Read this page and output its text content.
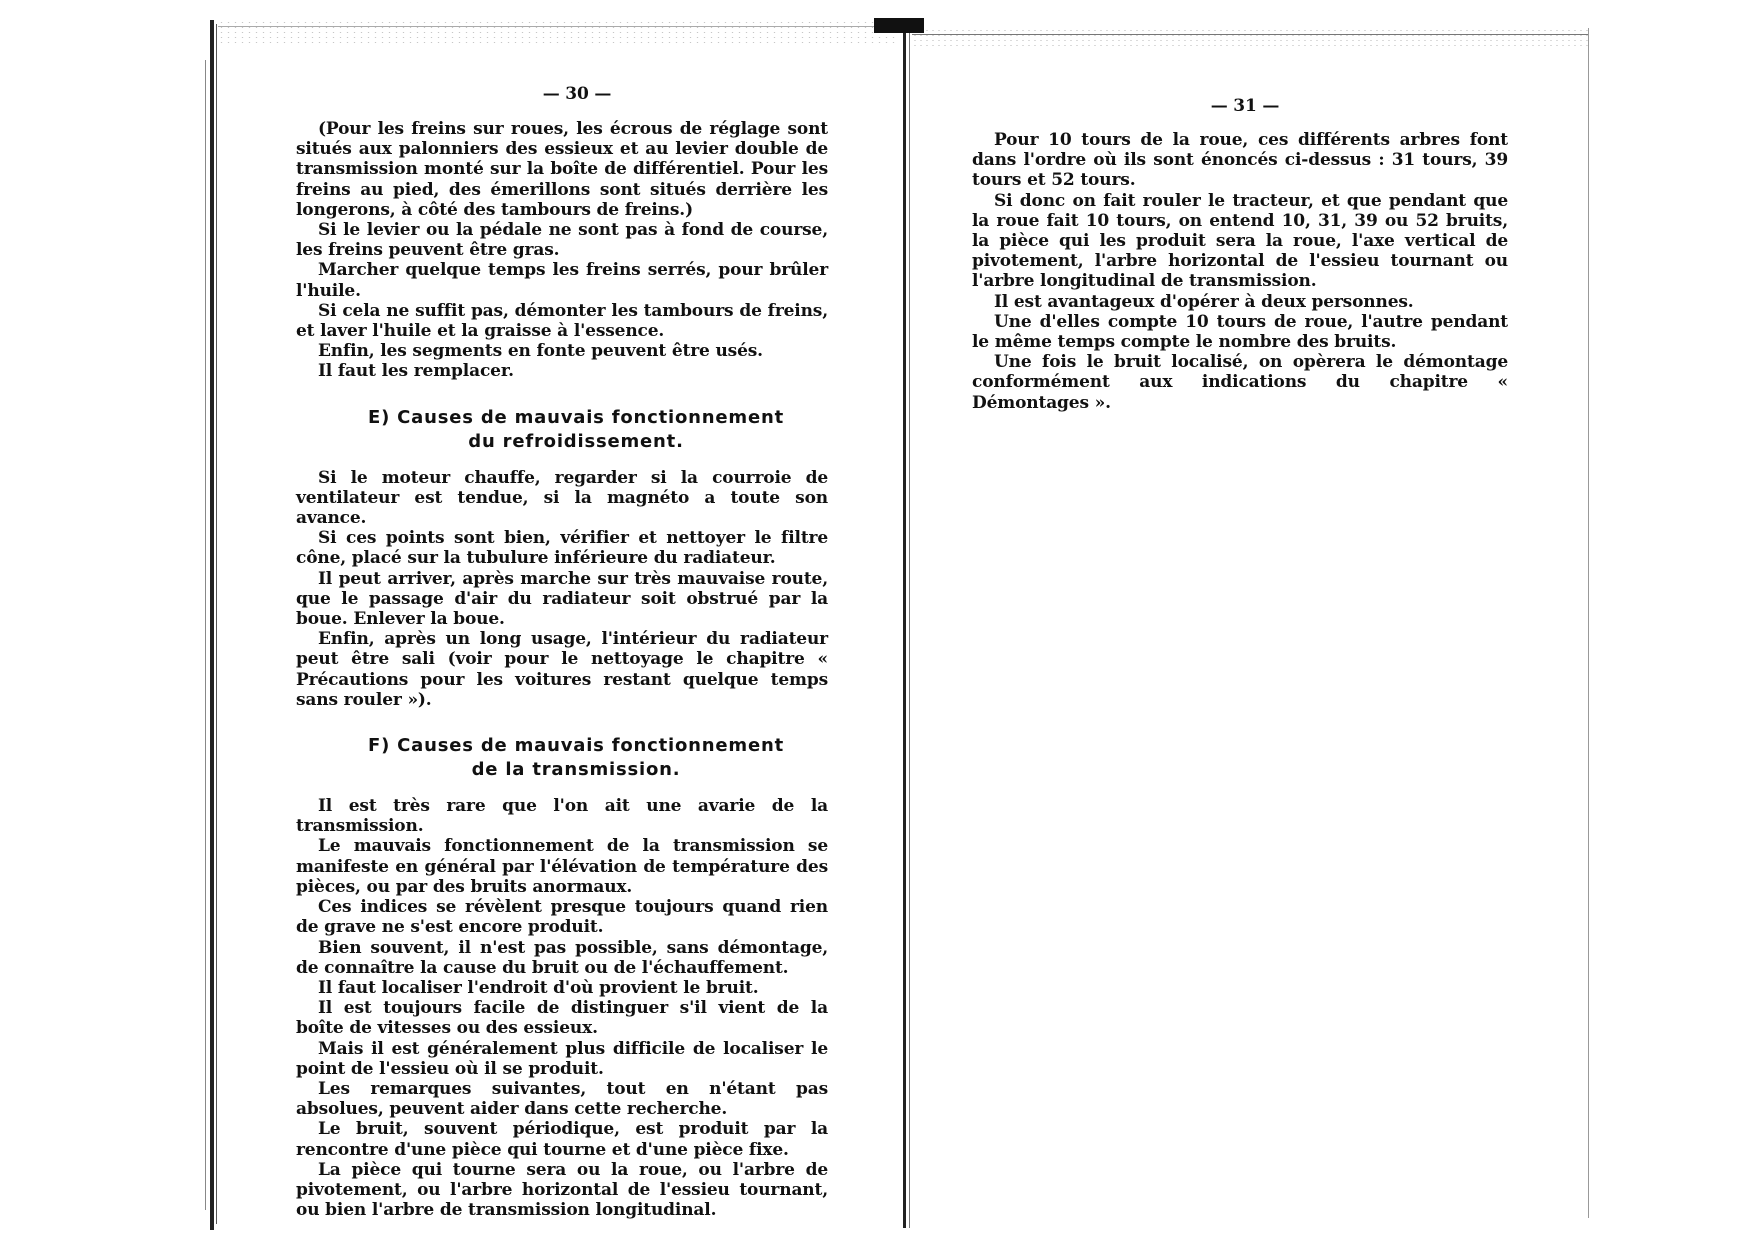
— 30 —

(Pour les freins sur roues, les écrous de réglage sont situés aux palonniers des essieux et au levier double de transmission monté sur la boîte de différentiel. Pour les freins au pied, des émerillons sont situés derrière les longerons, à côté des tambours de freins.)

Si le levier ou la pédale ne sont pas à fond de course, les freins peuvent être gras.

Marcher quelque temps les freins serrés, pour brûler l'huile.

Si cela ne suffit pas, démonter les tambours de freins, et laver l'huile et la graisse à l'essence.

Enfin, les segments en fonte peuvent être usés.

Il faut les remplacer.

E) Causes de mauvais fonctionnement
du refroidissement.

Si le moteur chauffe, regarder si la courroie de ventilateur est tendue, si la magnéto a toute son avance.

Si ces points sont bien, vérifier et nettoyer le filtre cône, placé sur la tubulure inférieure du radiateur.

Il peut arriver, après marche sur très mauvaise route, que le passage d'air du radiateur soit obstrué par la boue. Enlever la boue.

Enfin, après un long usage, l'intérieur du radiateur peut être sali (voir pour le nettoyage le chapitre « Précautions pour les voitures restant quelque temps sans rouler »).

F) Causes de mauvais fonctionnement
de la transmission.

Il est très rare que l'on ait une avarie de la transmission.

Le mauvais fonctionnement de la transmission se manifeste en général par l'élévation de température des pièces, ou par des bruits anormaux.

Ces indices se révèlent presque toujours quand rien de grave ne s'est encore produit.

Bien souvent, il n'est pas possible, sans démontage, de connaître la cause du bruit ou de l'échauffement.

Il faut localiser l'endroit d'où provient le bruit.

Il est toujours facile de distinguer s'il vient de la boîte de vitesses ou des essieux.

Mais il est généralement plus difficile de localiser le point de l'essieu où il se produit.

Les remarques suivantes, tout en n'étant pas absolues, peuvent aider dans cette recherche.

Le bruit, souvent périodique, est produit par la rencontre d'une pièce qui tourne et d'une pièce fixe.

La pièce qui tourne sera ou la roue, ou l'arbre de pivotement, ou l'arbre horizontal de l'essieu tournant, ou bien l'arbre de transmission longitudinal.

— 31 —

Pour 10 tours de la roue, ces différents arbres font dans l'ordre où ils sont énoncés ci-dessus : 31 tours, 39 tours et 52 tours.

Si donc on fait rouler le tracteur, et que pendant que la roue fait 10 tours, on entend 10, 31, 39 ou 52 bruits, la pièce qui les produit sera la roue, l'axe vertical de pivotement, l'arbre horizontal de l'essieu tournant ou l'arbre longitudinal de transmission.

Il est avantageux d'opérer à deux personnes.

Une d'elles compte 10 tours de roue, l'autre pendant le même temps compte le nombre des bruits.

Une fois le bruit localisé, on opèrera le démontage conformément aux indications du chapitre « Démontages ».
